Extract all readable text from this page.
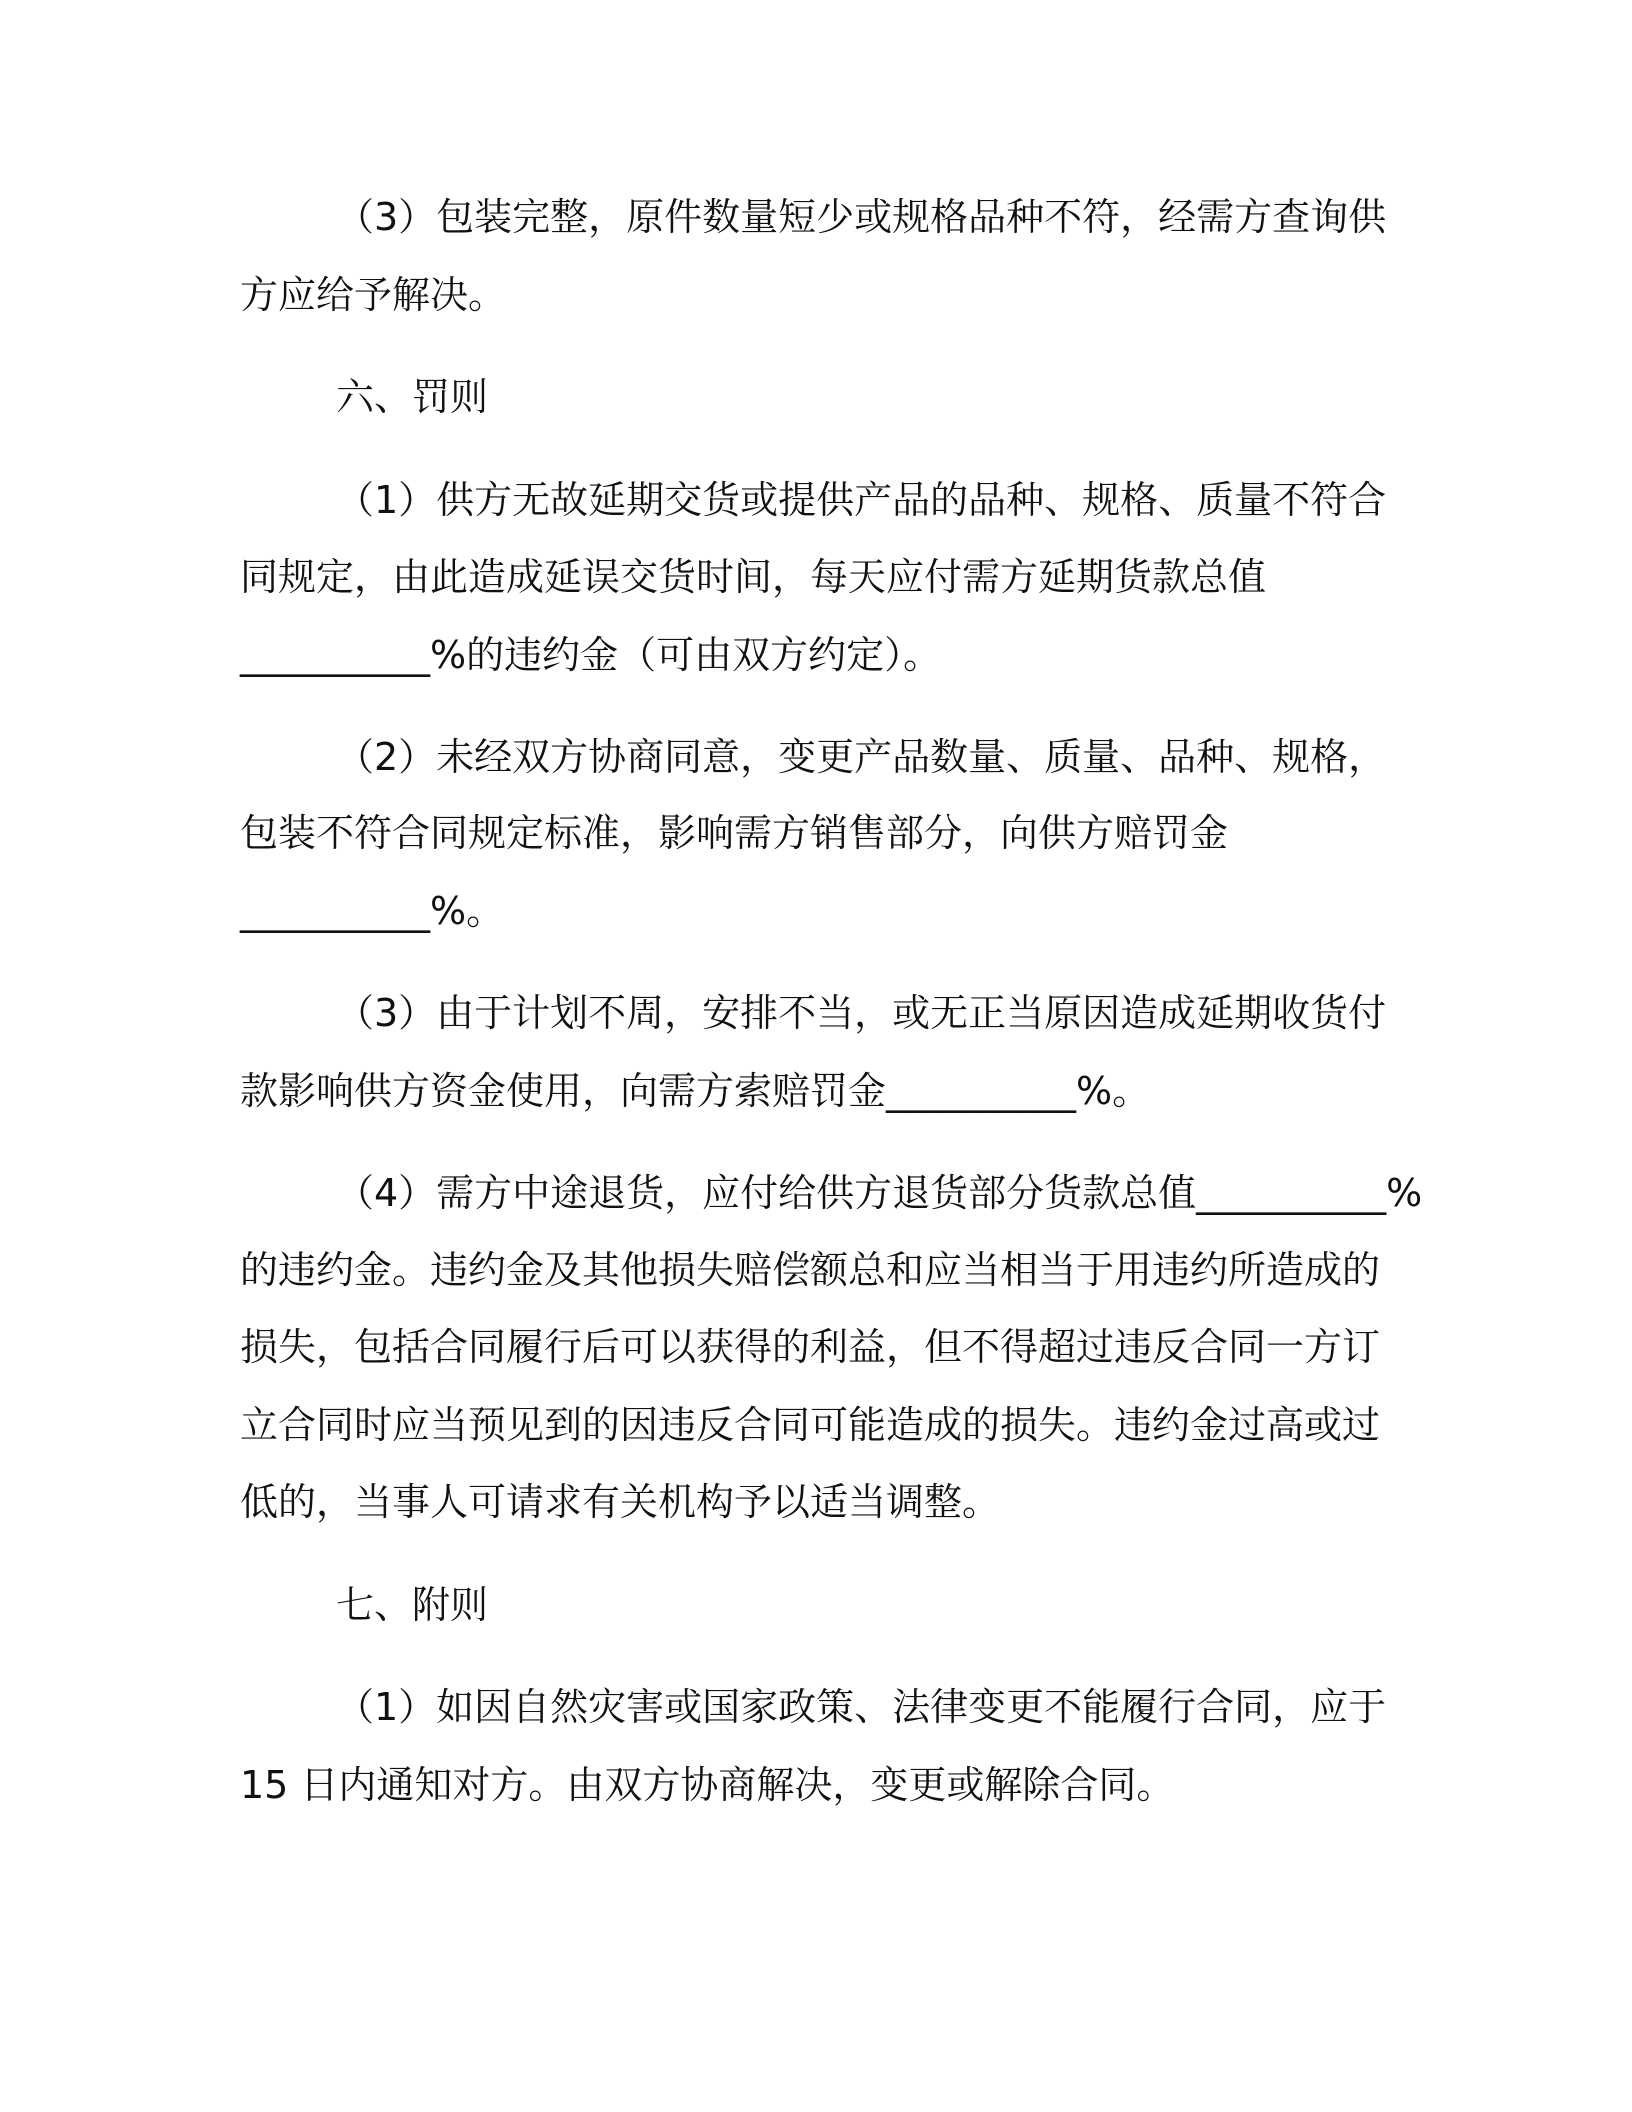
（3）包装完整，原件数量短少或规格品种不符，经需方查询供
方应给予解决。
六、罚则
（1）供方无故延期交货或提供产品的品种、规格、质量不符合
同规定，由此造成延误交货时间，每天应付需方延期货款总值
__________%的违约金（可由双方约定）。
（2）未经双方协商同意，变更产品数量、质量、品种、规格，
包装不符合同规定标准，影响需方销售部分，向供方赔罚金
__________%。
（3）由于计划不周，安排不当，或无正当原因造成延期收货付
款影响供方资金使用，向需方索赔罚金__________%。
（4）需方中途退货，应付给供方退货部分货款总值__________%
的违约金。违约金及其他损失赔偿额总和应当相当于用违约所造成的
损失，包括合同履行后可以获得的利益，但不得超过违反合同一方订
立合同时应当预见到的因违反合同可能造成的损失。违约金过高或过
低的，当事人可请求有关机构予以适当调整。
七、附则
（1）如因自然灾害或国家政策、法律变更不能履行合同，应于
15 日内通知对方。由双方协商解决，变更或解除合同。
